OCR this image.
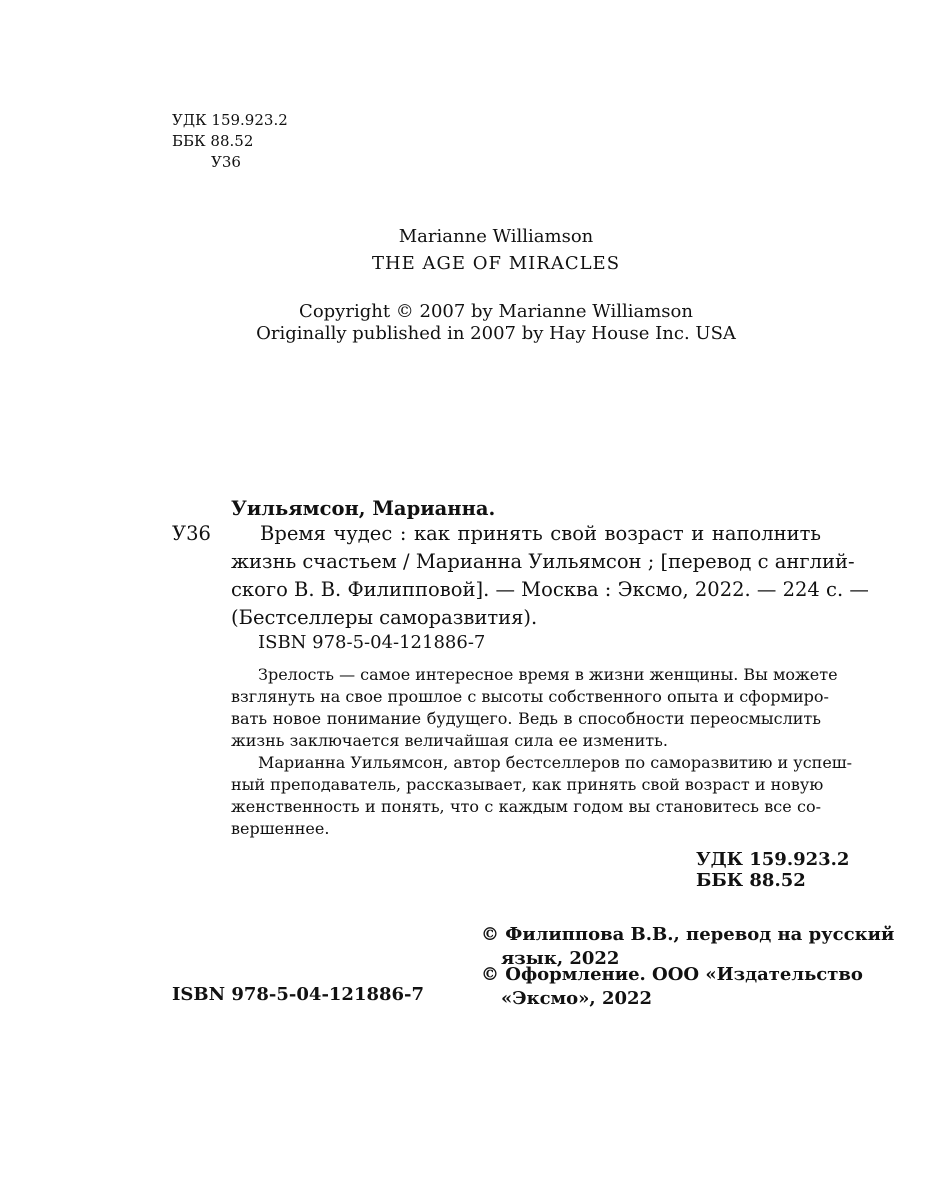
УДК 159.923.2
ББК 88.52
У36
Marianne Williamson
THE AGE OF MIRACLES
Copyright © 2007 by Marianne Williamson
Originally published in 2007 by Hay House Inc. USA
Уильямсон, Марианна.
У36	Время чудес : как принять свой возраст и наполнить
жизнь счастьем / Марианна Уильямсон ; [перевод с англий-
ского В. В. Филипповой]. — Москва : Эксмо, 2022. — 224 с. —
(Бестселлеры саморазвития).
ISBN 978-5-04-121886-7
Зрелость — самое интересное время в жизни женщины. Вы можете
взглянуть на свое прошлое с высоты собственного опыта и сформиро-
вать новое понимание будущего. Ведь в способности переосмыслить
жизнь заключается величайшая сила ее изменить.
Марианна Уильямсон, автор бестселлеров по саморазвитию и успеш-
ный преподаватель, рассказывает, как принять свой возраст и новую
женственность и понять, что с каждым годом вы становитесь все со-
вершеннее.
УДК 159.923.2
ББК 88.52
ISBN 978-5-04-121886-7
© Филиппова В.В., перевод на русский
язык, 2022
© Оформление. ООО «Издательство
«Эксмо», 2022
